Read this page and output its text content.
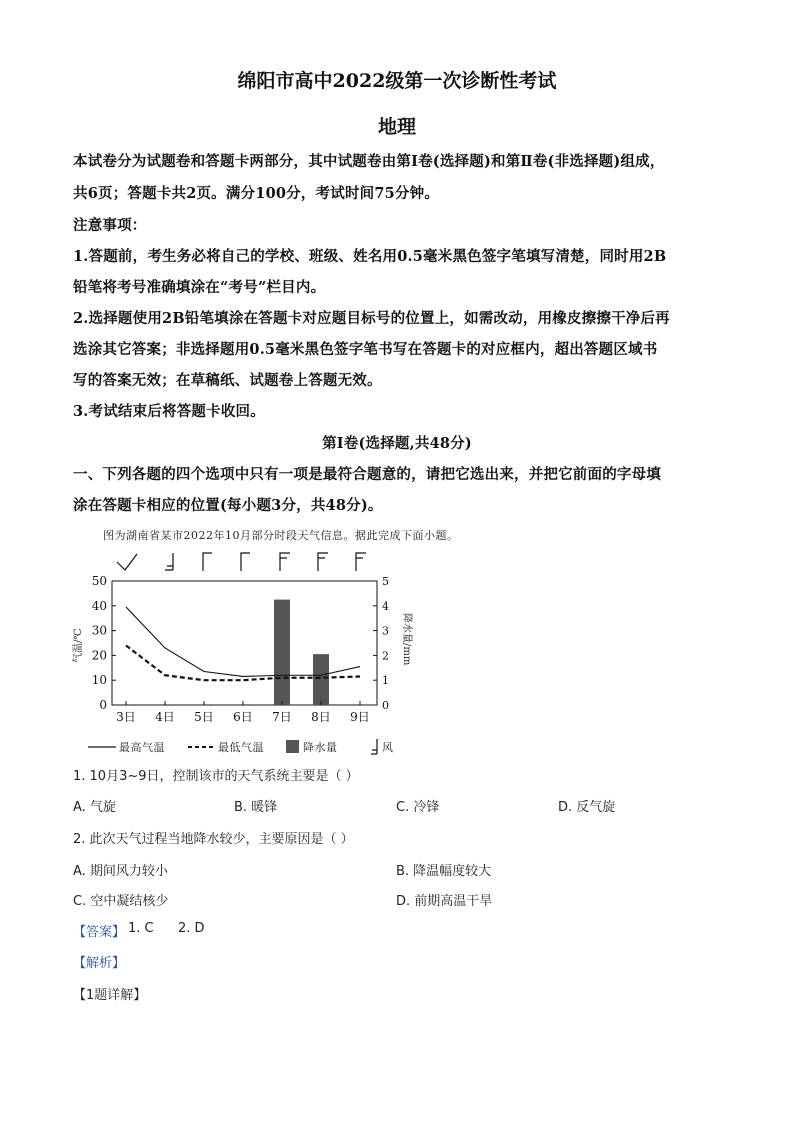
绵阳市高中2022级第一次诊断性考试
地理
本试卷分为试题卷和答题卡两部分，其中试题卷由第Ⅰ卷(选择题)和第Ⅱ卷(非选择题)组成，
共6页；答题卡共2页。满分100分，考试时间75分钟。
注意事项：
1.答题前，考生务必将自己的学校、班级、姓名用0.5毫米黑色签字笔填写清楚，同时用2B
铅笔将考号准确填涂在“考号”栏目内。
2.选择题使用2B铅笔填涂在答题卡对应题目标号的位置上，如需改动，用橡皮擦擦干净后再
选涂其它答案；非选择题用0.5毫米黑色签字笔书写在答题卡的对应框内，超出答题区域书
写的答案无效；在草稿纸、试题卷上答题无效。
3.考试结束后将答题卡收回。
第Ⅰ卷(选择题,共48分)
一、下列各题的四个选项中只有一项是最符合题意的，请把它选出来，并把它前面的字母填
涂在答题卡相应的位置(每小题3分，共48分)。
图为湖南省某市2022年10月部分时段天气信息。据此完成下面小题。
0
10
20
30
40
50
0
1
2
3
4
5
3日 4日 5日 6日 7日 8日 9日
气温/℃	降水量/mm
最高气温	最低气温	降水量	风
1. 10月3~9日，控制该市的天气系统主要是（ ）
A. 气旋	B. 暖锋	C. 冷锋	D. 反气旋
2. 此次天气过程当地降水较少，主要原因是（ ）
A. 期间风力较小	B. 降温幅度较大
C. 空中凝结核少	D. 前期高温干旱
【答案】 1. C 2. D
【解析】
【1题详解】
